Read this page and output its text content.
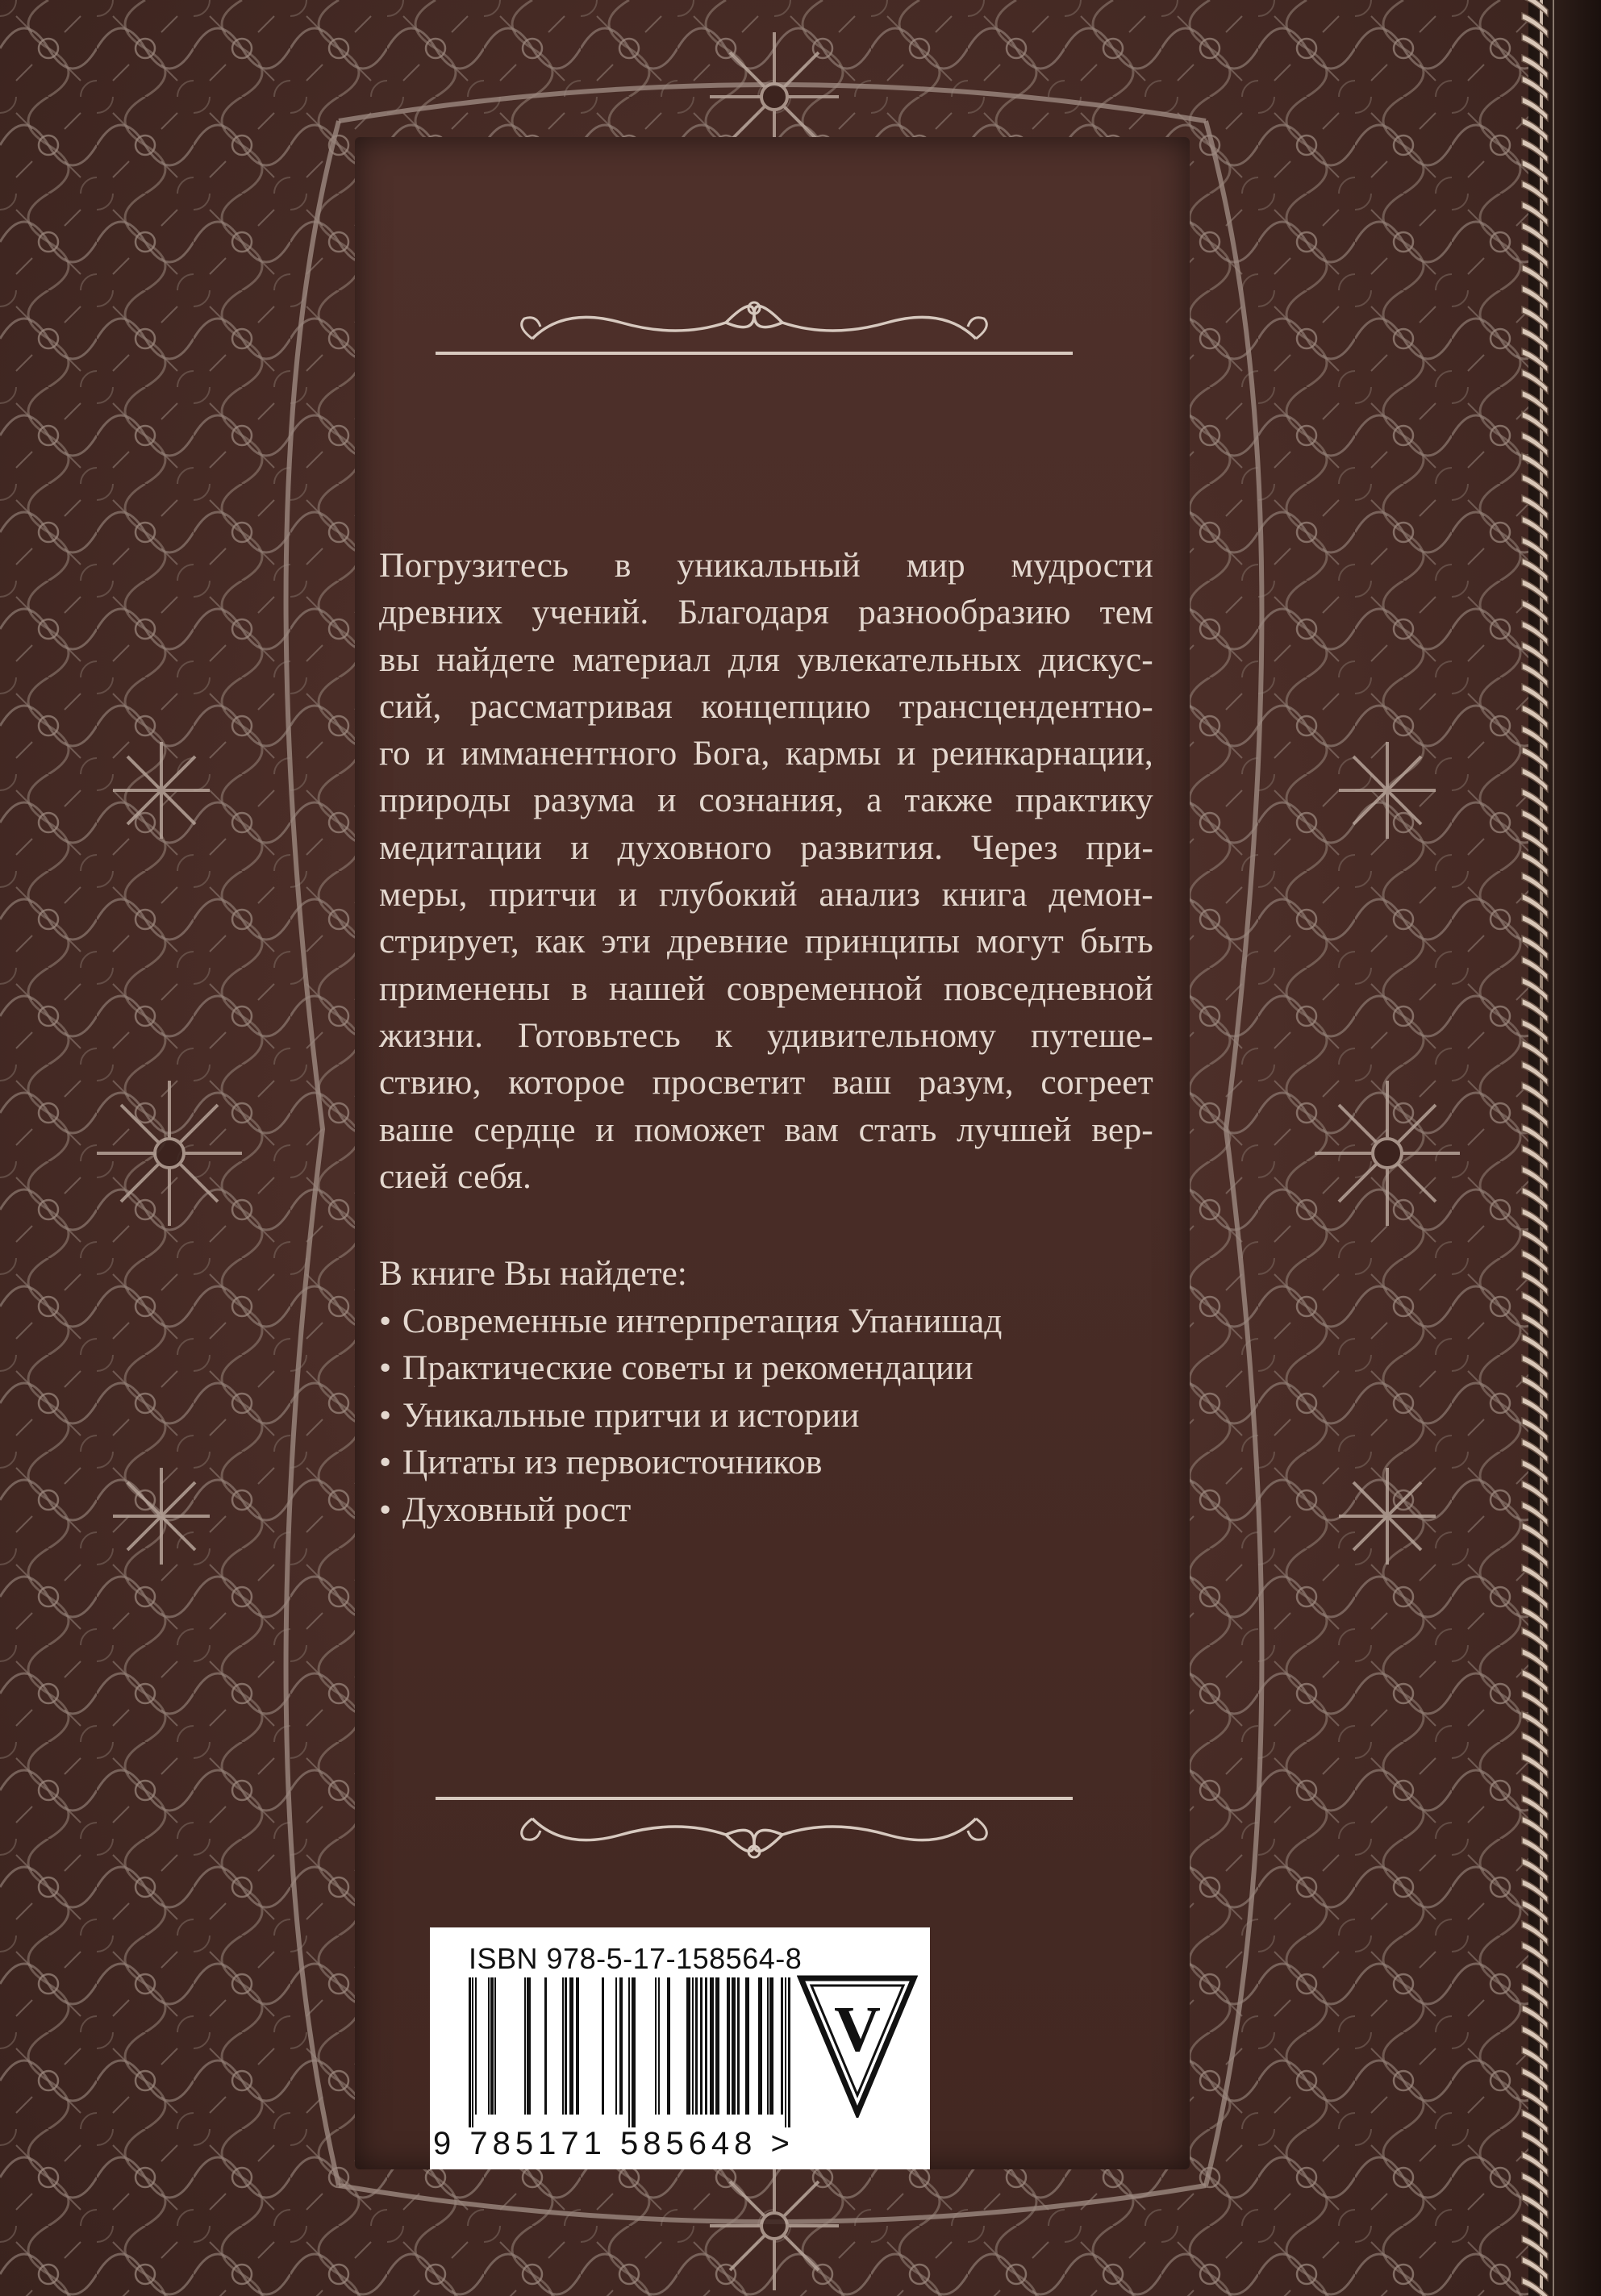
Погрузитесь в уникальный мир мудрости
древних учений. Благодаря разнообразию тем
вы найдете материал для увлекательных дискус-
сий, рассматривая концепцию трансцендентно-
го и имманентного Бога, кармы и реинкарнации,
природы разума и сознания, а также практику
медитации и духовного развития. Через при-
меры, притчи и глубокий анализ книга демон-
стрирует, как эти древние принципы могут быть
применены в нашей современной повседневной
жизни. Готовьтесь к удивительному путеше-
ствию, которое просветит ваш разум, согреет
ваше сердце и поможет вам стать лучшей вер-
сией себя.
В книге Вы найдете:
• Современные интерпретация Упанишад
• Практические советы и рекомендации
• Уникальные притчи и истории
• Цитаты из первоисточников
• Духовный рост
ISBN 978-5-17-158564-8
9 785171 585648 >
V
